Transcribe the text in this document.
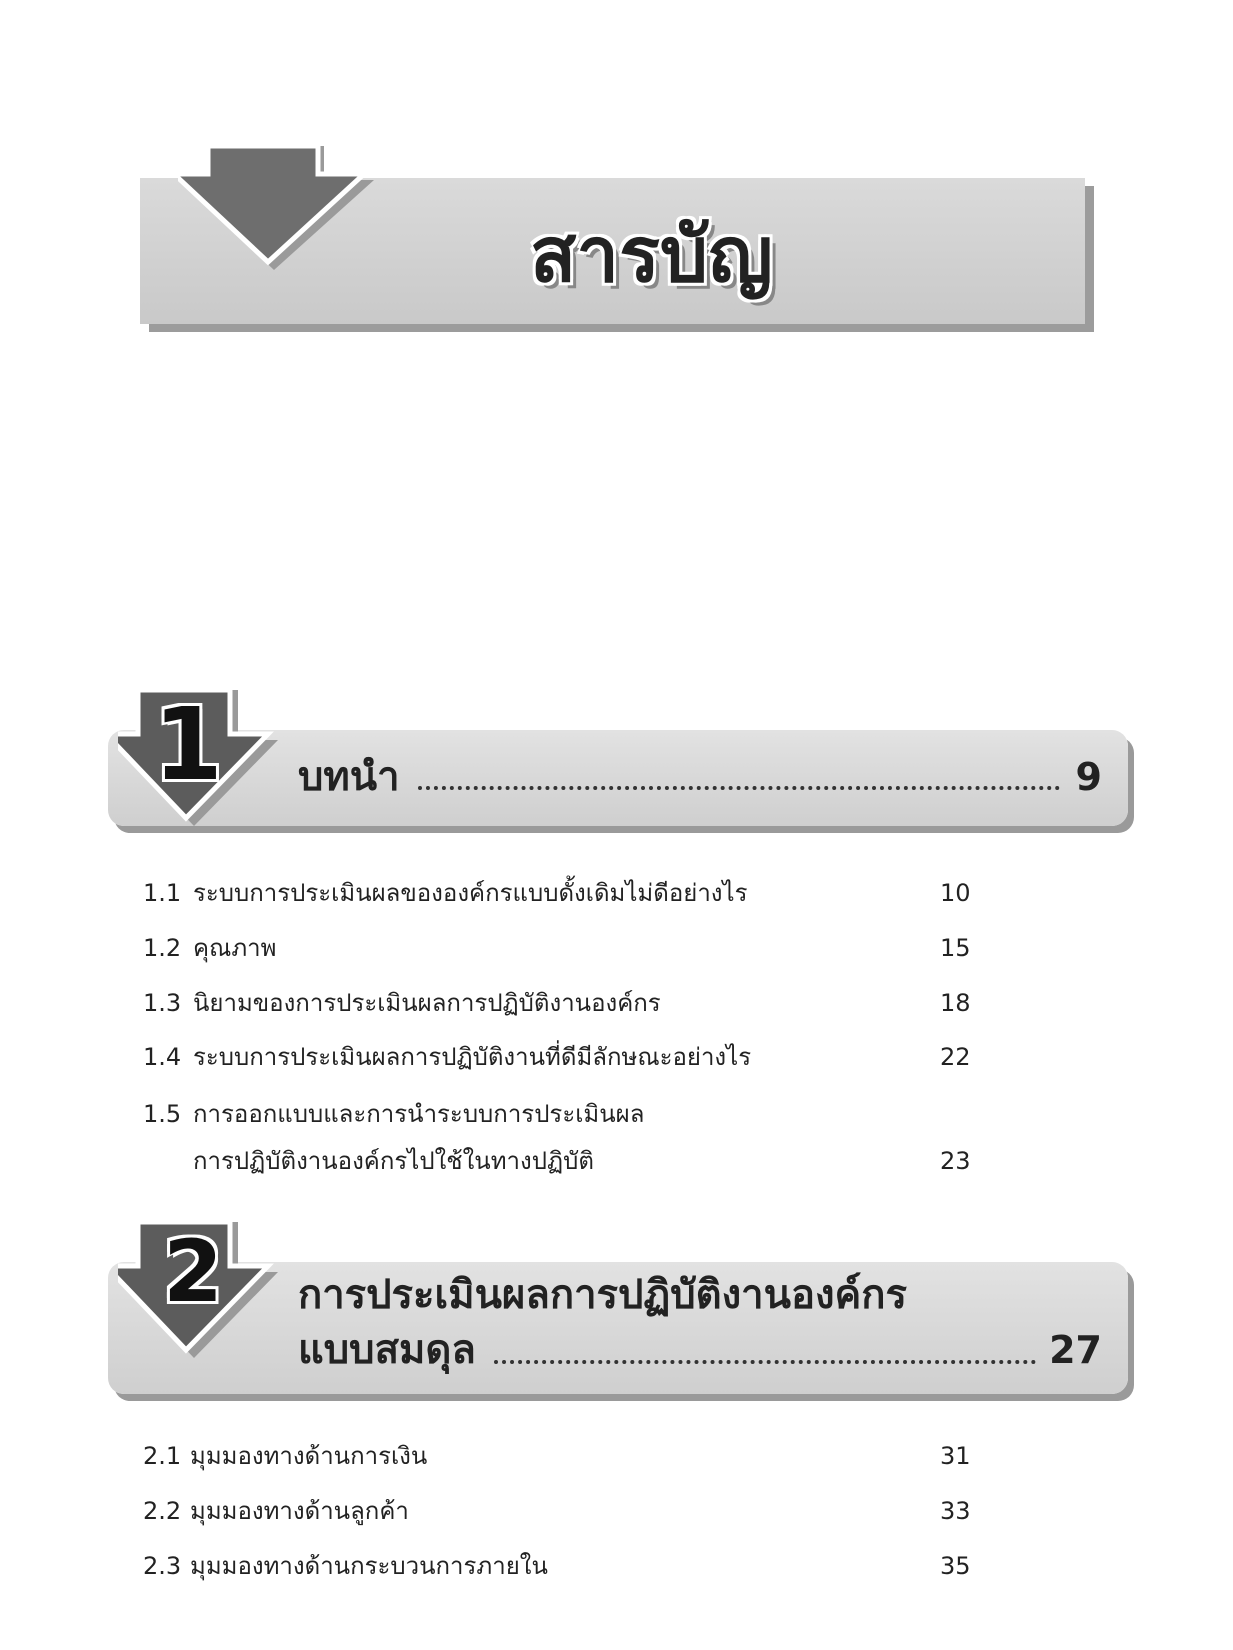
สารบัญ
1 บทนำ	9
1.1 ระบบการประเมินผลขององค์กรแบบดั้งเดิมไม่ดีอย่างไร	10
1.2 คุณภาพ	15
1.3 นิยามของการประเมินผลการปฏิบัติงานองค์กร	18
1.4 ระบบการประเมินผลการปฏิบัติงานที่ดีมีลักษณะอย่างไร	22
1.5 การออกแบบและการนำระบบการประเมินผล
การปฏิบัติงานองค์กรไปใช้ในทางปฏิบัติ	23
2	การประเมินผลการปฏิบัติงานองค์กร
แบบสมดุล	27
2.1 มุมมองทางด้านการเงิน	31
2.2 มุมมองทางด้านลูกค้า	33
2.3 มุมมองทางด้านกระบวนการภายใน	35
